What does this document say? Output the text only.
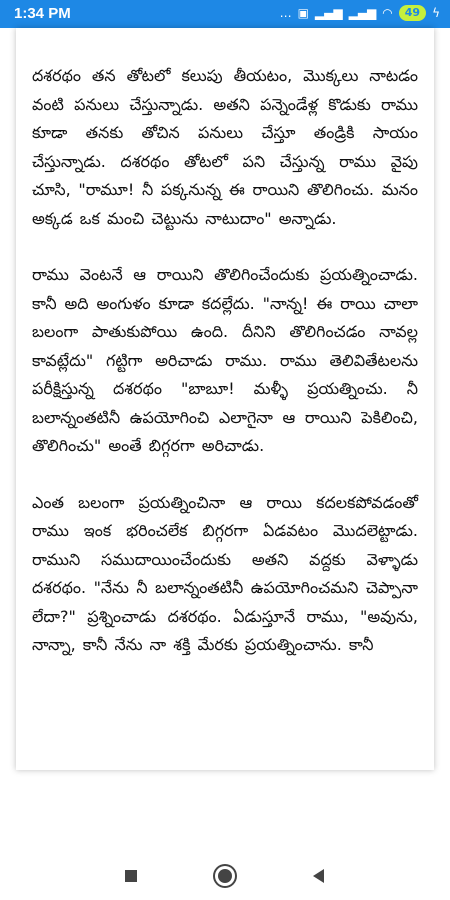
1:34 PM	… ▣ ▂▄▆ ▂▄▆ ◠	49	ϟ

దశరథం తన తోటలో కలుపు తీయటం, మొక్కలు నాటడం వంటి పనులు చేస్తున్నాడు. అతని పన్నెండేళ్ల కొడుకు రాము కూడా తనకు తోచిన పనులు చేస్తూ తండ్రికి సాయం చేస్తున్నాడు. దశరథం తోటలో పని చేస్తున్న రాము వైపు చూసి, "రామూ! నీ పక్కనున్న ఈ రాయిని తొలిగించు. మనం అక్కడ ఒక మంచి చెట్టును నాటుదాం" అన్నాడు.

రాము వెంటనే ఆ రాయిని తొలిగించేందుకు ప్రయత్నించాడు. కానీ అది అంగుళం కూడా కదల్లేదు. "నాన్న! ఈ రాయి చాలా బలంగా పాతుకుపోయి ఉంది. దీనిని తొలిగించడం నావల్ల కావట్లేదు" గట్టిగా అరిచాడు రాము. రాము తెలివితేటలను పరీక్షిస్తున్న దశరథం "బాబూ! మళ్ళీ ప్రయత్నించు. నీ బలాన్నంతటినీ ఉపయోగించి ఎలాగైనా ఆ రాయిని పెకిలించి, తొలిగించు" అంతే బిగ్గరగా అరిచాడు.

ఎంత బలంగా ప్రయత్నించినా ఆ రాయి కదలకపోవడంతో రాము ఇంక భరించలేక బిగ్గరగా ఏడవటం మొదలెట్టాడు. రాముని సముదాయించేందుకు అతని వద్దకు వెళ్ళాడు దశరథం. "నేను నీ బలాన్నంతటినీ ఉపయోగించమని చెప్పానా లేదా?" ప్రశ్నించాడు దశరథం. ఏడుస్తూనే రాము, "అవును, నాన్నా, కానీ నేను నా శక్తి మేరకు ప్రయత్నించాను. కానీ
